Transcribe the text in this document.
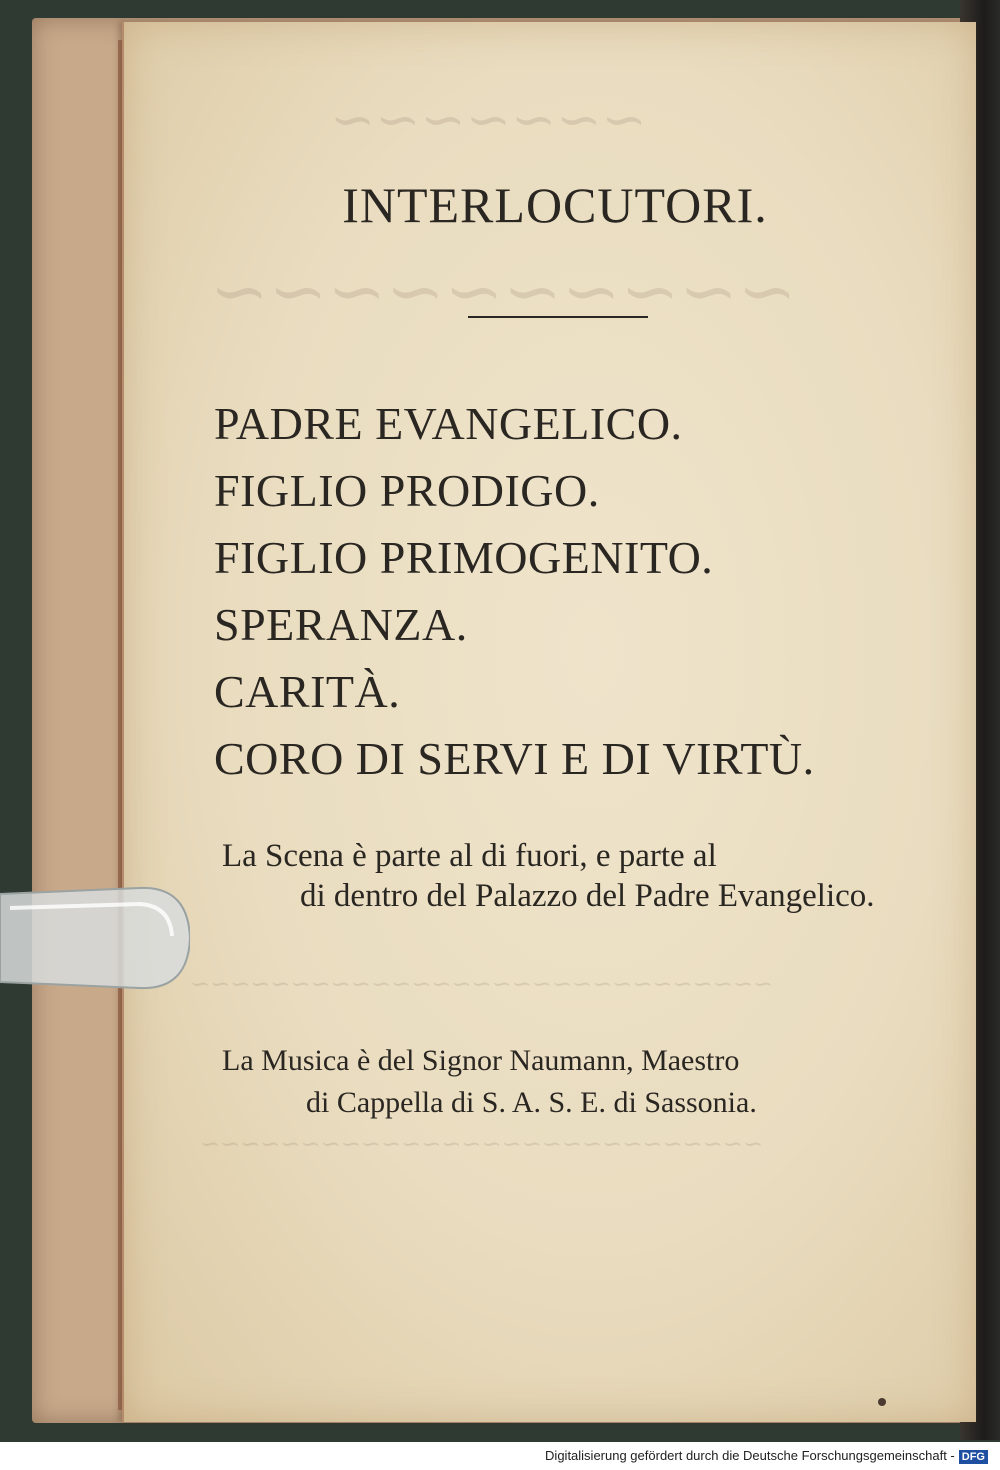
INTERLOCUTORI.
PADRE EVANGELICO.
FIGLIO PRODIGO.
FIGLIO PRIMOGENITO.
SPERANZA.
CARITÀ.
CORO DI SERVI E DI VIRTÙ.
La Scena è parte al di fuori, e parte al
di dentro del Palazzo del Padre Evangelico.
La Musica è del Signor Naumann, Maestro
di Cappella di S. A. S. E. di Sassonia.
Digitalisierung gefördert durch die Deutsche Forschungsgemeinschaft - DFG
